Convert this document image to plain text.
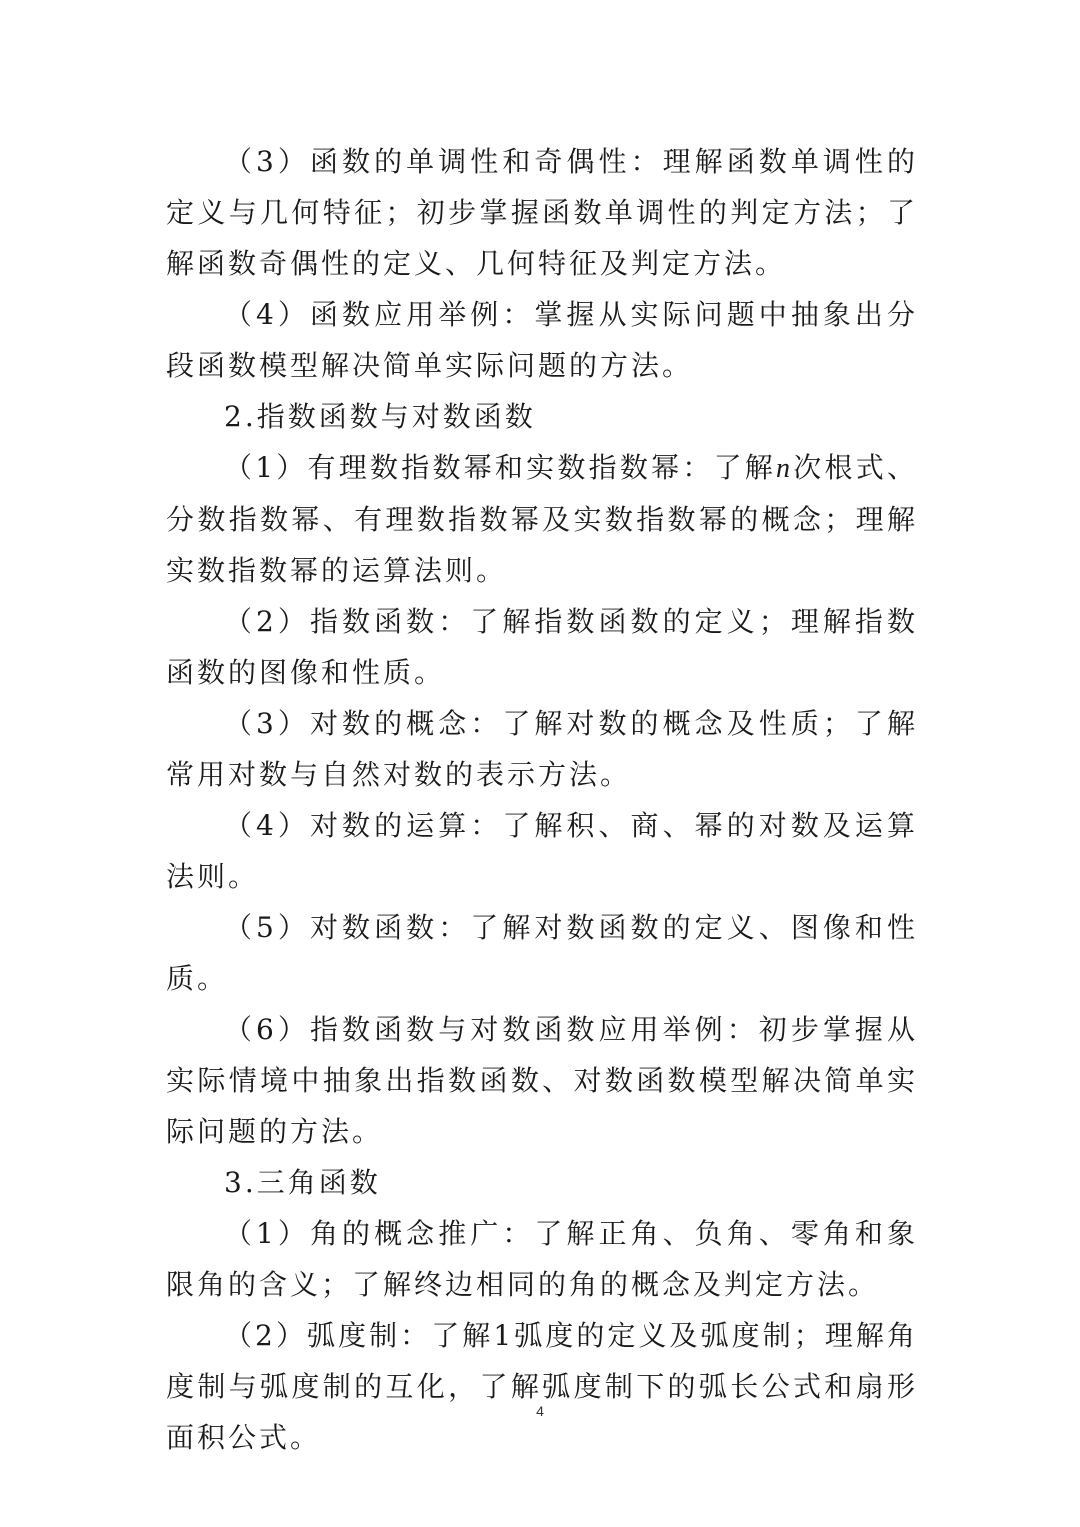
（3）函数的单调性和奇偶性：理解函数单调性的定义与几何特征；初步掌握函数单调性的判定方法；了解函数奇偶性的定义、几何特征及判定方法。

（4）函数应用举例：掌握从实际问题中抽象出分段函数模型解决简单实际问题的方法。

2.指数函数与对数函数

（1）有理数指数幂和实数指数幂：了解n次根式、分数指数幂、有理数指数幂及实数指数幂的概念；理解实数指数幂的运算法则。

（2）指数函数：了解指数函数的定义；理解指数函数的图像和性质。

（3）对数的概念：了解对数的概念及性质；了解常用对数与自然对数的表示方法。

（4）对数的运算：了解积、商、幂的对数及运算法则。

（5）对数函数：了解对数函数的定义、图像和性质。

（6）指数函数与对数函数应用举例：初步掌握从实际情境中抽象出指数函数、对数函数模型解决简单实际问题的方法。

3.三角函数

（1）角的概念推广：了解正角、负角、零角和象限角的含义；了解终边相同的角的概念及判定方法。

（2）弧度制：了解1弧度的定义及弧度制；理解角度制与弧度制的互化，了解弧度制下的弧长公式和扇形面积公式。

4
